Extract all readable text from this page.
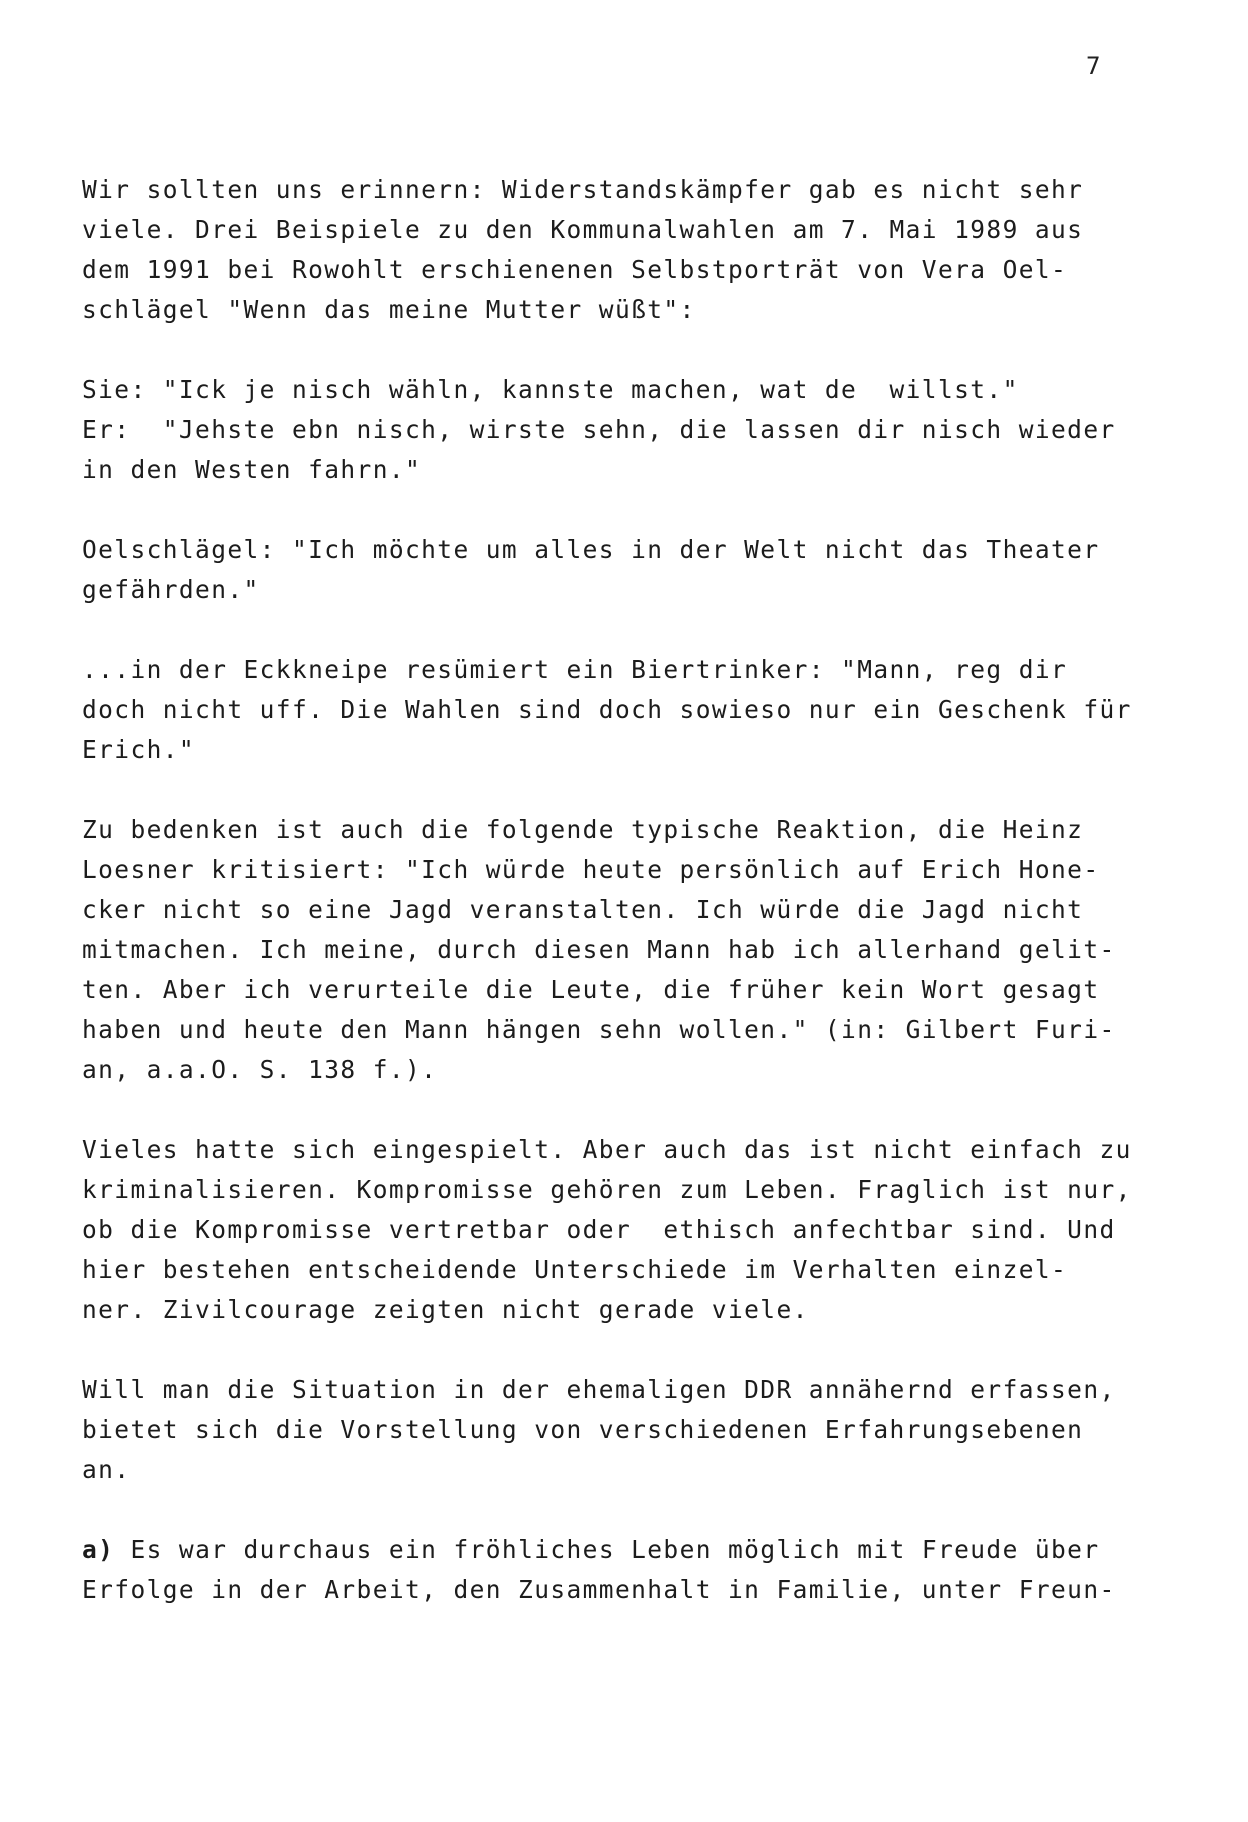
7
Wir sollten uns erinnern: Widerstandskämpfer gab es nicht sehr
viele. Drei Beispiele zu den Kommunalwahlen am 7. Mai 1989 aus
dem 1991 bei Rowohlt erschienenen Selbstporträt von Vera Oel-
schlägel "Wenn das meine Mutter wüßt":
Sie: "Ick je nisch wähln, kannste machen, wat de  willst."
Er:  "Jehste ebn nisch, wirste sehn, die lassen dir nisch wieder
in den Westen fahrn."
Oelschlägel: "Ich möchte um alles in der Welt nicht das Theater
gefährden."
...in der Eckkneipe resümiert ein Biertrinker: "Mann, reg dir
doch nicht uff. Die Wahlen sind doch sowieso nur ein Geschenk für
Erich."
Zu bedenken ist auch die folgende typische Reaktion, die Heinz
Loesner kritisiert: "Ich würde heute persönlich auf Erich Hone-
cker nicht so eine Jagd veranstalten. Ich würde die Jagd nicht
mitmachen. Ich meine, durch diesen Mann hab ich allerhand gelit-
ten. Aber ich verurteile die Leute, die früher kein Wort gesagt
haben und heute den Mann hängen sehn wollen." (in: Gilbert Furi-
an, a.a.O. S. 138 f.).
Vieles hatte sich eingespielt. Aber auch das ist nicht einfach zu
kriminalisieren. Kompromisse gehören zum Leben. Fraglich ist nur,
ob die Kompromisse vertretbar oder  ethisch anfechtbar sind. Und
hier bestehen entscheidende Unterschiede im Verhalten einzel-
ner. Zivilcourage zeigten nicht gerade viele.
Will man die Situation in der ehemaligen DDR annähernd erfassen,
bietet sich die Vorstellung von verschiedenen Erfahrungsebenen
an.
a) Es war durchaus ein fröhliches Leben möglich mit Freude über
Erfolge in der Arbeit, den Zusammenhalt in Familie, unter Freun-
